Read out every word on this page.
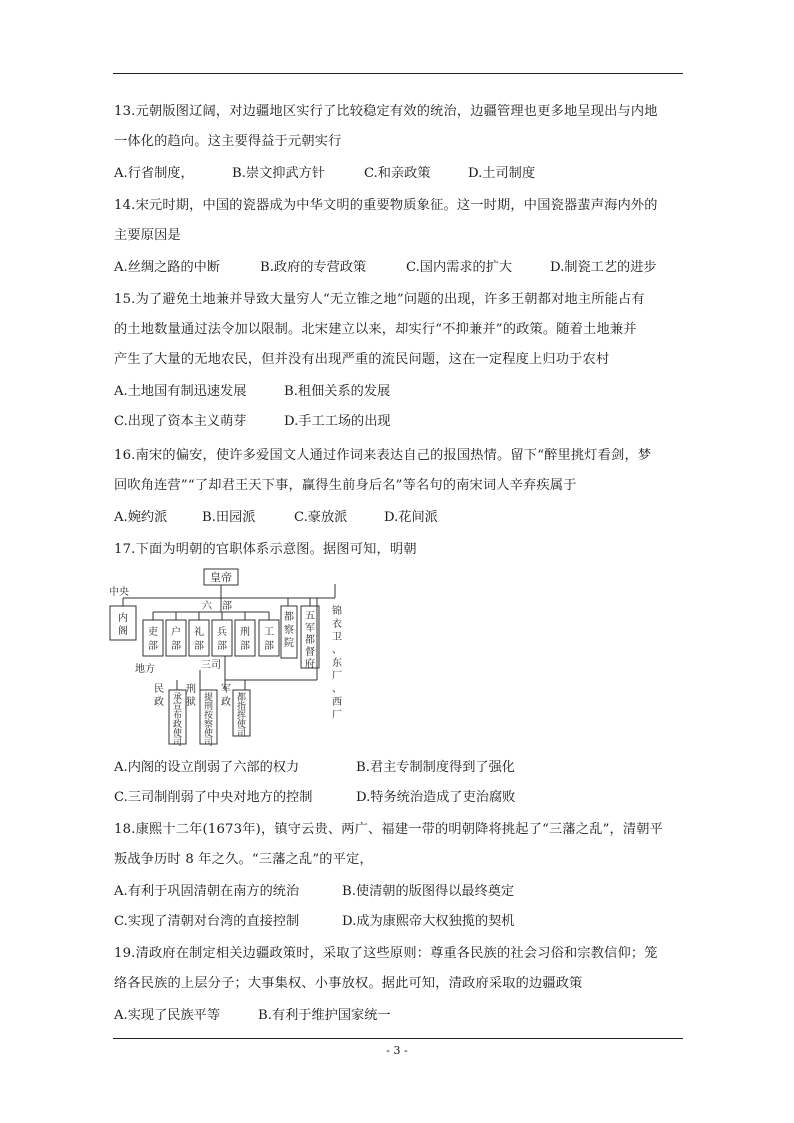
13.元朝版图辽阔，对边疆地区实行了比较稳定有效的统治，边疆管理也更多地呈现出与内地
一体化的趋向。这主要得益于元朝实行
A.行省制度，	B.崇文抑武方针	C.和亲政策	D.土司制度
14.宋元时期，中国的瓷器成为中华文明的重要物质象征。这一时期，中国瓷器蜚声海内外的
主要原因是
A.丝绸之路的中断	B.政府的专营政策	C.国内需求的扩大	D.制瓷工艺的进步
15.为了避免土地兼并导致大量穷人“无立锥之地”问题的出现，许多王朝都对地主所能占有
的土地数量通过法令加以限制。北宋建立以来，却实行“不抑兼并”的政策。随着土地兼并
产生了大量的无地农民，但并没有出现严重的流民问题，这在一定程度上归功于农村
A.土地国有制迅速发展	B.租佃关系的发展
C.出现了资本主义萌芽	D.手工工场的出现
16.南宋的偏安，使许多爱国文人通过作词来表达自己的报国热情。留下“醉里挑灯看剑，梦
回吹角连营”“了却君王天下事，赢得生前身后名”等名句的南宋词人辛弃疾属于
A.婉约派	B.田园派	C.豪放派	D.花间派
17.下面为明朝的官职体系示意图。据图可知，明朝
皇帝
中央
六　部
内阁 吏部
户部
礼部
兵部
刑部
工部
都察院
五军都督府
锦衣卫、东厂、西厂
地方	三司
民政
刑狱
军政
承宣布政使司
提刑按察使司
都指挥使司
A.内阁的设立削弱了六部的权力	B.君主专制制度得到了强化
C.三司制削弱了中央对地方的控制	D.特务统治造成了吏治腐败
18.康熙十二年(1673年)，镇守云贵、两广、福建一带的明朝降将挑起了“三藩之乱”，清朝平
叛战争历时 8 年之久。“三藩之乱”的平定，
A.有利于巩固清朝在南方的统治	B.使清朝的版图得以最终奠定
C.实现了清朝对台湾的直接控制	D.成为康熙帝大权独揽的契机
19.清政府在制定相关边疆政策时，采取了这些原则：尊重各民族的社会习俗和宗教信仰；笼
络各民族的上层分子；大事集权、小事放权。据此可知，清政府采取的边疆政策
A.实现了民族平等	B.有利于维护国家统一
- 3 -
